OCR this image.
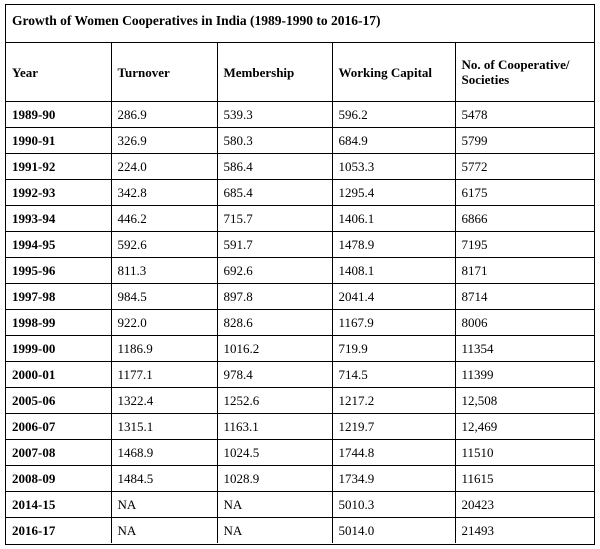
Growth of Women Cooperatives in India (1989-1990 to 2016-17)
Year	Turnover	Membership	Working Capital	No. of Cooperative/ Societies
1989-90	286.9	539.3	596.2	5478
1990-91	326.9	580.3	684.9	5799
1991-92	224.0	586.4	1053.3	5772
1992-93	342.8	685.4	1295.4	6175
1993-94	446.2	715.7	1406.1	6866
1994-95	592.6	591.7	1478.9	7195
1995-96	811.3	692.6	1408.1	8171
1997-98	984.5	897.8	2041.4	8714
1998-99	922.0	828.6	1167.9	8006
1999-00	1186.9	1016.2	719.9	11354
2000-01	1177.1	978.4	714.5	11399
2005-06	1322.4	1252.6	1217.2	12,508
2006-07	1315.1	1163.1	1219.7	12,469
2007-08	1468.9	1024.5	1744.8	11510
2008-09	1484.5	1028.9	1734.9	11615
2014-15	NA	NA	5010.3	20423
2016-17	NA	NA	5014.0	21493
